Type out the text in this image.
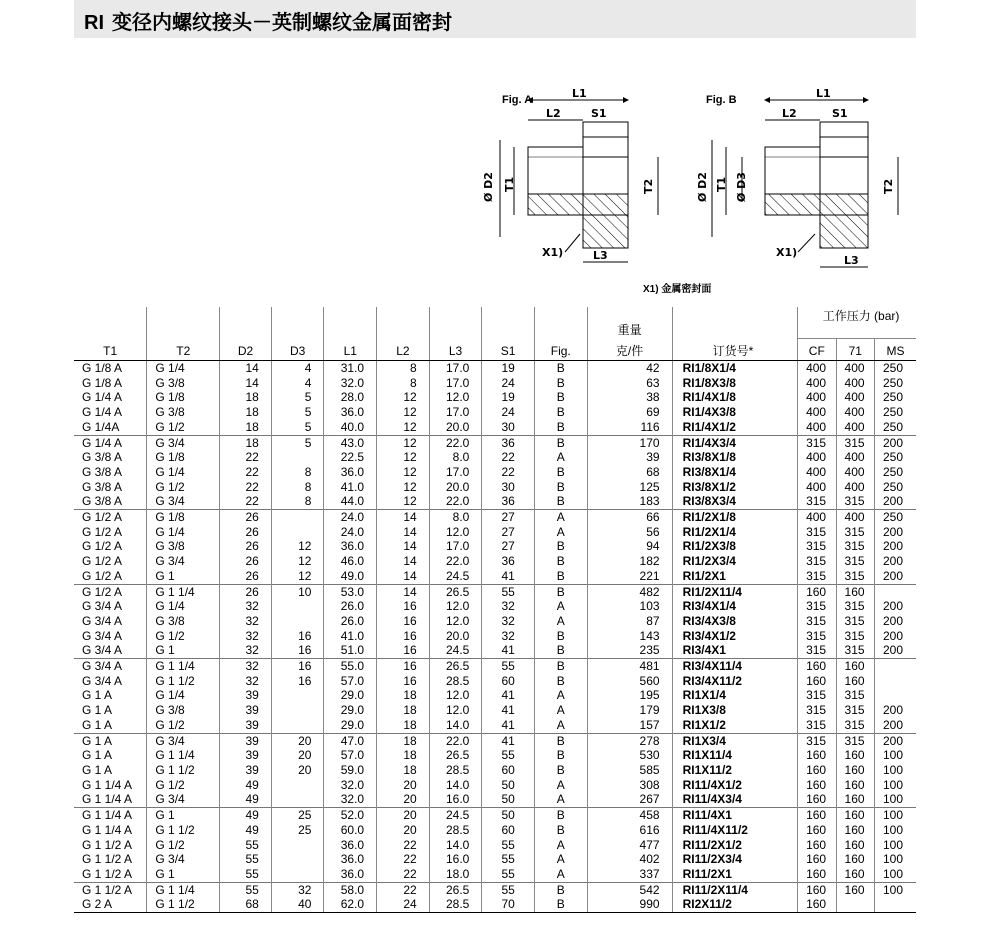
RI 变径内螺纹接头－英制螺纹金属面密封
Fig. A	L1
L2	S1
Ø D2 T1	T2
L3
X1)
Fig. B	L1
L2	S1
Ø D2 T1 Ø D3	T2
L3
X1)
X1) 金属密封面
									重量		工作压力 (bar)		
T1	T2	D2	D3	L1	L2	L3	S1	Fig.	克/件	订货号*	CF	71	MS
G 1/8 A	G 1/4	14	4	31.0	8	17.0	19	B	42	RI1/8X1/4	400	400	250
G 1/8 A	G 3/8	14	4	32.0	8	17.0	24	B	63	RI1/8X3/8	400	400	250
G 1/4 A	G 1/8	18	5	28.0	12	12.0	19	B	38	RI1/4X1/8	400	400	250
G 1/4 A	G 3/8	18	5	36.0	12	17.0	24	B	69	RI1/4X3/8	400	400	250
G 1/4A	G 1/2	18	5	40.0	12	20.0	30	B	116	RI1/4X1/2	400	400	250
G 1/4 A	G 3/4	18	5	43.0	12	22.0	36	B	170	RI1/4X3/4	315	315	200
G 3/8 A	G 1/8	22		22.5	12	8.0	22	A	39	RI3/8X1/8	400	400	250
G 3/8 A	G 1/4	22	8	36.0	12	17.0	22	B	68	RI3/8X1/4	400	400	250
G 3/8 A	G 1/2	22	8	41.0	12	20.0	30	B	125	RI3/8X1/2	400	400	250
G 3/8 A	G 3/4	22	8	44.0	12	22.0	36	B	183	RI3/8X3/4	315	315	200
G 1/2 A	G 1/8	26		24.0	14	8.0	27	A	66	RI1/2X1/8	400	400	250
G 1/2 A	G 1/4	26		24.0	14	12.0	27	A	56	RI1/2X1/4	315	315	200
G 1/2 A	G 3/8	26	12	36.0	14	17.0	27	B	94	RI1/2X3/8	315	315	200
G 1/2 A	G 3/4	26	12	46.0	14	22.0	36	B	182	RI1/2X3/4	315	315	200
G 1/2 A	G 1	26	12	49.0	14	24.5	41	B	221	RI1/2X1	315	315	200
G 1/2 A	G 1 1/4	26	10	53.0	14	26.5	55	B	482	RI1/2X11/4	160	160	
G 3/4 A	G 1/4	32		26.0	16	12.0	32	A	103	RI3/4X1/4	315	315	200
G 3/4 A	G 3/8	32		26.0	16	12.0	32	A	87	RI3/4X3/8	315	315	200
G 3/4 A	G 1/2	32	16	41.0	16	20.0	32	B	143	RI3/4X1/2	315	315	200
G 3/4 A	G 1	32	16	51.0	16	24.5	41	B	235	RI3/4X1	315	315	200
G 3/4 A	G 1 1/4	32	16	55.0	16	26.5	55	B	481	RI3/4X11/4	160	160	
G 3/4 A	G 1 1/2	32	16	57.0	16	28.5	60	B	560	RI3/4X11/2	160	160	
G 1 A	G 1/4	39		29.0	18	12.0	41	A	195	RI1X1/4	315	315	
G 1 A	G 3/8	39		29.0	18	12.0	41	A	179	RI1X3/8	315	315	200
G 1 A	G 1/2	39		29.0	18	14.0	41	A	157	RI1X1/2	315	315	200
G 1 A	G 3/4	39	20	47.0	18	22.0	41	B	278	RI1X3/4	315	315	200
G 1 A	G 1 1/4	39	20	57.0	18	26.5	55	B	530	RI1X11/4	160	160	100
G 1 A	G 1 1/2	39	20	59.0	18	28.5	60	B	585	RI1X11/2	160	160	100
G 1 1/4 A	G 1/2	49		32.0	20	14.0	50	A	308	RI11/4X1/2	160	160	100
G 1 1/4 A	G 3/4	49		32.0	20	16.0	50	A	267	RI11/4X3/4	160	160	100
G 1 1/4 A	G 1	49	25	52.0	20	24.5	50	B	458	RI11/4X1	160	160	100
G 1 1/4 A	G 1 1/2	49	25	60.0	20	28.5	60	B	616	RI11/4X11/2	160	160	100
G 1 1/2 A	G 1/2	55		36.0	22	14.0	55	A	477	RI11/2X1/2	160	160	100
G 1 1/2 A	G 3/4	55		36.0	22	16.0	55	A	402	RI11/2X3/4	160	160	100
G 1 1/2 A	G 1	55		36.0	22	18.0	55	A	337	RI11/2X1	160	160	100
G 1 1/2 A	G 1 1/4	55	32	58.0	22	26.5	55	B	542	RI11/2X11/4	160	160	100
G 2 A	G 1 1/2	68	40	62.0	24	28.5	70	B	990	RI2X11/2	160		
